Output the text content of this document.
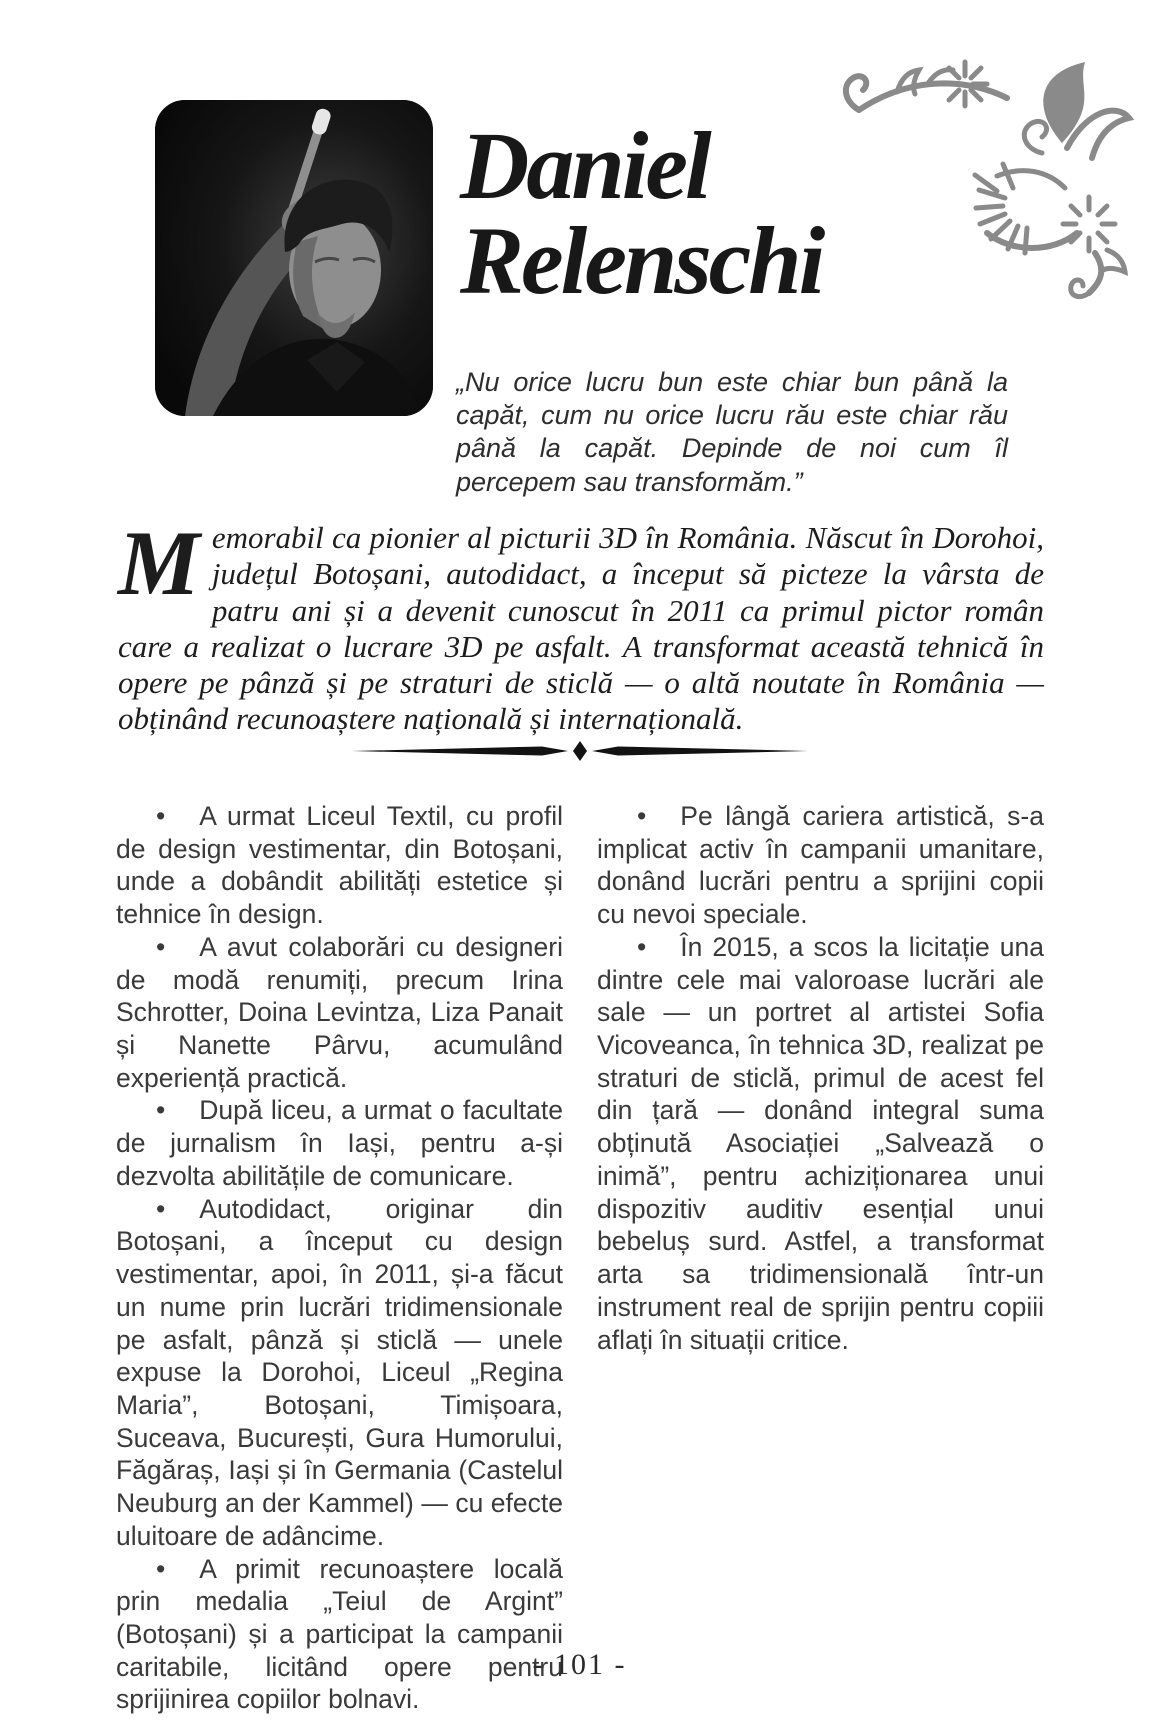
Daniel
Relenschi

„Nu orice lucru bun este chiar bun până la capăt, cum nu orice lucru rău este chiar rău până la capăt. Depinde de noi cum îl percepem sau transformăm.”

M emorabil ca pionier al picturii 3D în România. Născut în Dorohoi, județul Botoșani, autodidact, a început să picteze la vârsta de patru ani și a devenit cunoscut în 2011 ca primul pictor român care a realizat o lucrare 3D pe asfalt. A transformat această tehnică în opere pe pânză și pe straturi de sticlă — o altă noutate în România — obținând recunoaștere națională și internațională.

• A urmat Liceul Textil, cu profil de design vestimentar, din Botoșani, unde a dobândit abilități estetice și tehnice în design.

• A avut colaborări cu designeri de modă renumiți, precum Irina Schrotter, Doina Levintza, Liza Panait și Nanette Pârvu, acumulând experiență practică.

• După liceu, a urmat o facultate de jurnalism în Iași, pentru a-și dezvolta abilitățile de comunicare.

• Autodidact, originar din Botoșani, a început cu design vestimentar, apoi, în 2011, și-a făcut un nume prin lucrări tridimensionale pe asfalt, pânză și sticlă — unele expuse la Dorohoi, Liceul „Regina Maria”, Botoșani, Timișoara, Suceava, București, Gura Humorului, Făgăraș, Iași și în Germania (Castelul Neuburg an der Kammel) — cu efecte uluitoare de adâncime.

• A primit recunoaștere locală prin medalia „Teiul de Argint” (Botoșani) și a participat la campanii caritabile, licitând opere pentru sprijinirea copiilor bolnavi.

• Pe lângă cariera artistică, s-a implicat activ în campanii umanitare, donând lucrări pentru a sprijini copii cu nevoi speciale.

• În 2015, a scos la licitație una dintre cele mai valoroase lucrări ale sale — un portret al artistei Sofia Vicoveanca, în tehnica 3D, realizat pe straturi de sticlă, primul de acest fel din țară — donând integral suma obținută Asociației „Salvează o inimă”, pentru achiziționarea unui dispozitiv auditiv esențial unui bebeluș surd. Astfel, a transformat arta sa tridimensională într-un instrument real de sprijin pentru copiii aflați în situații critice.

- 101 -
